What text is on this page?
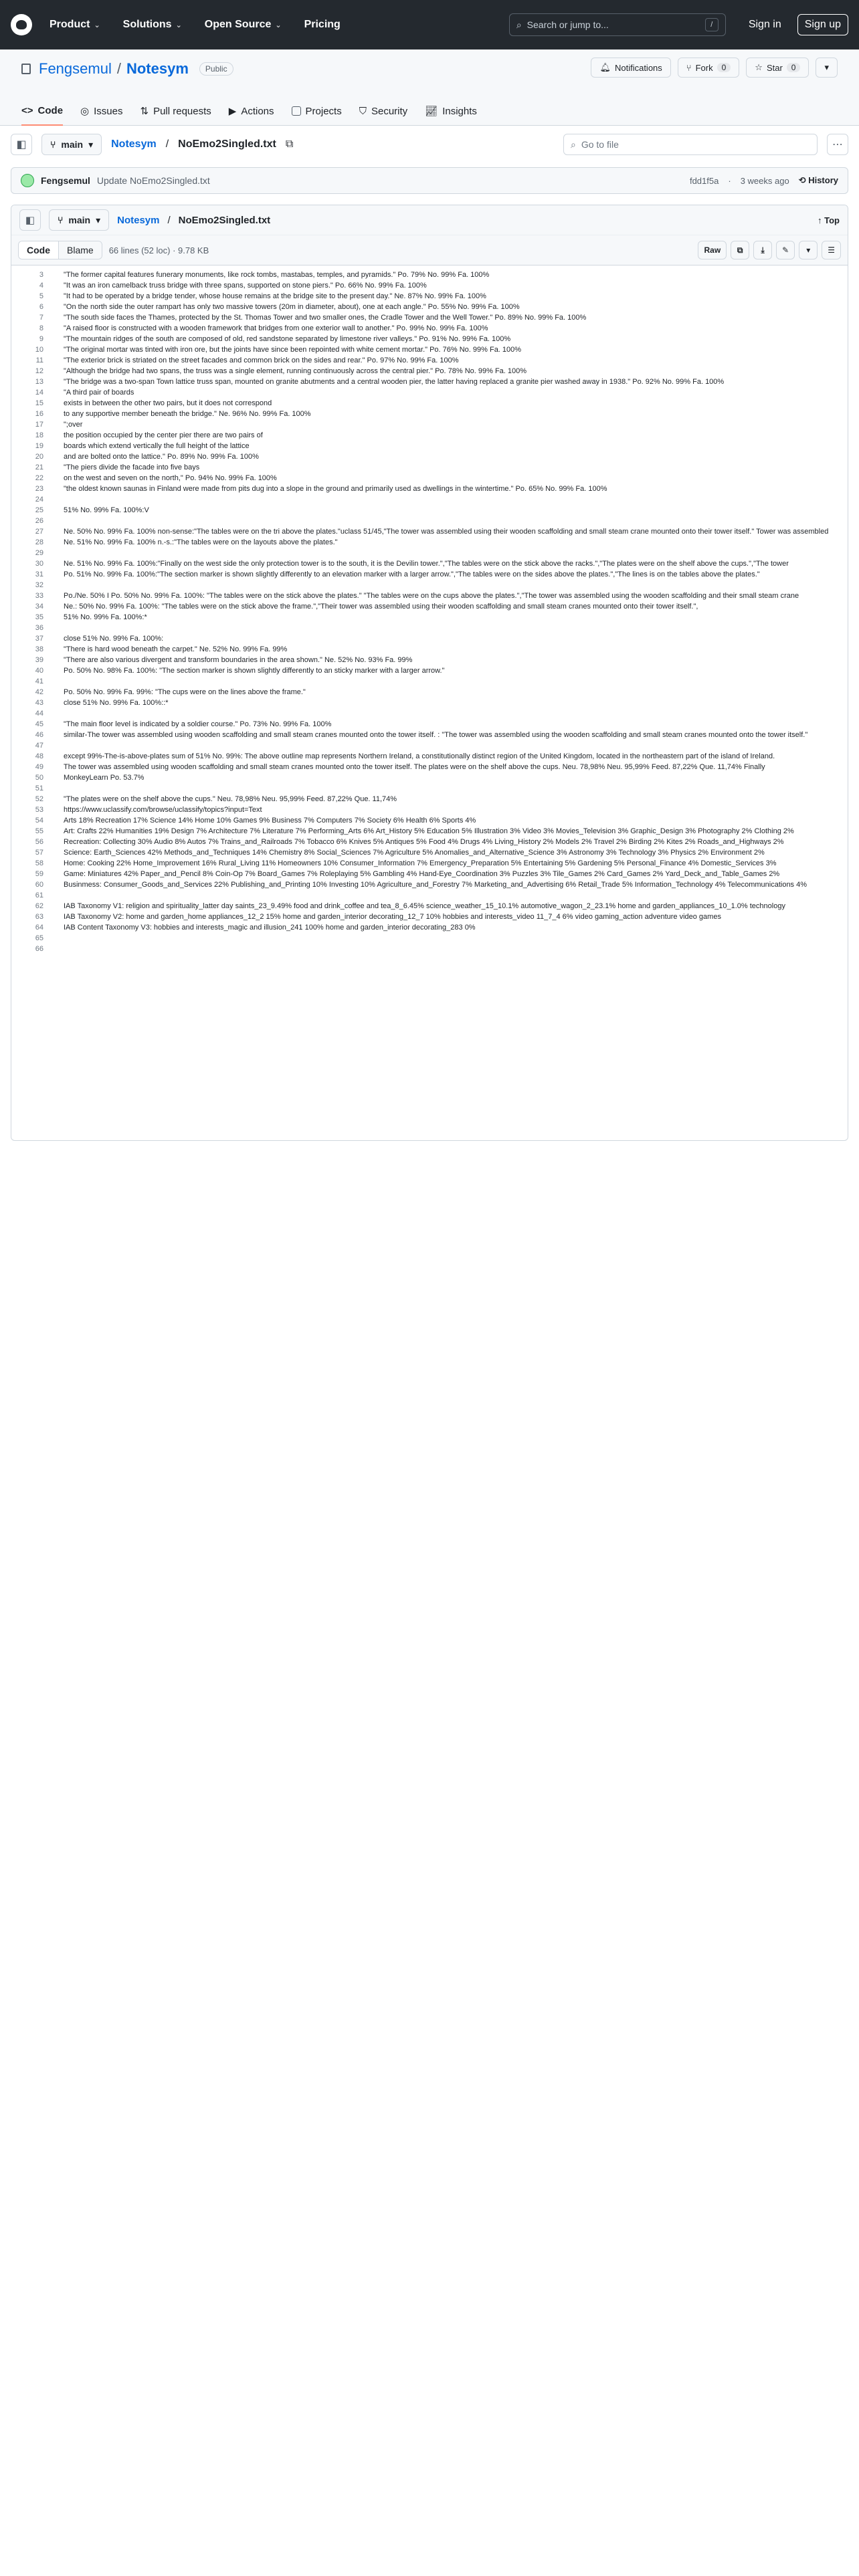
Product ⌄ Solutions ⌄ Open Source ⌄ Pricing	⌕ Search or jump to...	/	Sign in	Sign up
Fengsemul / Notesym	Public	🔔︎ Notifications	⑂ Fork	0	☆ Star	0	▾
<> Code ◎ Issues ⇅ Pull requests ▶︎ Actions	Projects ⛉ Security 📈︎ Insights
◧	⑂ main ▾ Notesym / NoEmo2Singled.txt ⧉	⌕ Go to file	⋯
Fengsemul Update NoEmo2Singled.txt	fdd1f5a · 3 weeks ago ⟲ History
◧ ⑂ main ▾ Notesym / NoEmo2Singled.txt	↑ Top
Code	Blame	66 lines (52 loc) · 9.78 KB	Raw	⧉ ⤓ ✎ ▾ ☰
3	"The former capital features funerary monuments, like rock tombs, mastabas, temples, and pyramids." Po. 79% No. 99% Fa. 100%
4	"It was an iron camelback truss bridge with three spans, supported on stone piers." Po. 66% No. 99% Fa. 100%
5	"It had to be operated by a bridge tender, whose house remains at the bridge site to the present day." Ne. 87% No. 99% Fa. 100%
6	"On the north side the outer rampart has only two massive towers (20m in diameter, about), one at each angle." Po. 55% No. 99% Fa. 100%
7	"The south side faces the Thames, protected by the St. Thomas Tower and two smaller ones, the Cradle Tower and the Well Tower." Po. 89% No. 99% Fa. 100%
8	"A raised floor is constructed with a wooden framework that bridges from one exterior wall to another." Po. 99% No. 99% Fa. 100%
9	"The mountain ridges of the south are composed of old, red sandstone separated by limestone river valleys." Po. 91% No. 99% Fa. 100%
10	"The original mortar was tinted with iron ore, but the joints have since been repointed with white cement mortar." Po. 76% No. 99% Fa. 100%
11	"The exterior brick is striated on the street facades and common brick on the sides and rear." Po. 97% No. 99% Fa. 100%
12	"Although the bridge had two spans, the truss was a single element, running continuously across the central pier." Po. 78% No. 99% Fa. 100%
13	"The bridge was a two-span Town lattice truss span, mounted on granite abutments and a central wooden pier, the latter having replaced a granite pier washed away in 1938." Po. 92% No. 99% Fa. 100%
14	"A third pair of boards
15	exists in between the other two pairs, but it does not correspond
16	to any supportive member beneath the bridge." Ne. 96% No. 99% Fa. 100%
17	";over
18	the position occupied by the center pier there are two pairs of
19	boards which extend vertically the full height of the lattice
20	and are bolted onto the lattice." Po. 89% No. 99% Fa. 100%
21	"The piers divide the facade into five bays
22	on the west and seven on the north," Po. 94% No. 99% Fa. 100%
23	"the oldest known saunas in Finland were made from pits dug into a slope in the ground and primarily used as dwellings in the wintertime." Po. 65% No. 99% Fa. 100%
24
25	51% No. 99% Fa. 100%:V
26
27	Ne. 50% No. 99% Fa. 100% non-sense:"The tables were on the tri above the plates."uclass 51/45,"The tower was assembled using their wooden scaffolding and small steam crane mounted onto their tower itself." Tower was assembled
28	Ne. 51% No. 99% Fa. 100% n.-s.:"The tables were on the layouts above the plates."
29
30	Ne. 51% No. 99% Fa. 100%:"Finally on the west side the only protection tower is to the south, it is the Devilin tower.","The tables were on the stick above the racks.","The plates were on the shelf above the cups.","The tower
31	Po. 51% No. 99% Fa. 100%:"The section marker is shown slightly differently to an elevation marker with a larger arrow.","The tables were on the sides above the plates.","The lines is on the tables above the plates."
32
33	Po./Ne. 50% I Po. 50% No. 99% Fa. 100%: "The tables were on the stick above the plates." "The tables were on the cups above the plates.","The tower was assembled using the wooden scaffolding and their small steam crane
34	Ne.: 50% No. 99% Fa. 100%: "The tables were on the stick above the frame.","Their tower was assembled using their wooden scaffolding and small steam cranes mounted onto their tower itself.",
35	51% No. 99% Fa. 100%:*
36
37	close 51% No. 99% Fa. 100%:
38	"There is hard wood beneath the carpet." Ne. 52% No. 99% Fa. 99%
39	"There are also various divergent and transform boundaries in the area shown." Ne. 52% No. 93% Fa. 99%
40	Po. 50% No. 98% Fa. 100%: "The section marker is shown slightly differently to an sticky marker with a larger arrow."
41
42	Po. 50% No. 99% Fa. 99%: "The cups were on the lines above the frame."
43	close 51% No. 99% Fa. 100%::*
44
45	"The main floor level is indicated by a soldier course." Po. 73% No. 99% Fa. 100%
46	similar-The tower was assembled using wooden scaffolding and small steam cranes mounted onto the tower itself. : "The tower was assembled using the wooden scaffolding and small steam cranes mounted onto the tower itself."
47
48	except 99%-The-is-above-plates sum of 51% No. 99%: The above outline map represents Northern Ireland, a constitutionally distinct region of the United Kingdom, located in the northeastern part of the island of Ireland.
49	The tower was assembled using wooden scaffolding and small steam cranes mounted onto the tower itself. The plates were on the shelf above the cups. Neu. 78,98% Neu. 95,99% Feed. 87,22% Que. 11,74% Finally
50	MonkeyLearn Po. 53.7%
51
52	"The plates were on the shelf above the cups." Neu. 78,98% Neu. 95,99% Feed. 87,22% Que. 11,74%
53	https://www.uclassify.com/browse/uclassify/topics?input=Text
54	Arts 18% Recreation 17% Science 14% Home 10% Games 9% Business 7% Computers 7% Society 6% Health 6% Sports 4%
55	Art: Crafts 22% Humanities 19% Design 7% Architecture 7% Literature 7% Performing_Arts 6% Art_History 5% Education 5% Illustration 3% Video 3% Movies_Television 3% Graphic_Design 3% Photography 2% Clothing 2%
56	Recreation: Collecting 30% Audio 8% Autos 7% Trains_and_Railroads 7% Tobacco 6% Knives 5% Antiques 5% Food 4% Drugs 4% Living_History 2% Models 2% Travel 2% Birding 2% Kites 2% Roads_and_Highways 2%
57	Science: Earth_Sciences 42% Methods_and_Techniques 14% Chemistry 8% Social_Sciences 7% Agriculture 5% Anomalies_and_Alternative_Science 3% Astronomy 3% Technology 3% Physics 2% Environment 2%
58	Home: Cooking 22% Home_Improvement 16% Rural_Living 11% Homeowners 10% Consumer_Information 7% Emergency_Preparation 5% Entertaining 5% Gardening 5% Personal_Finance 4% Domestic_Services 3%
59	Game: Miniatures 42% Paper_and_Pencil 8% Coin-Op 7% Board_Games 7% Roleplaying 5% Gambling 4% Hand-Eye_Coordination 3% Puzzles 3% Tile_Games 2% Card_Games 2% Yard_Deck_and_Table_Games 2%
60	Businmess: Consumer_Goods_and_Services 22% Publishing_and_Printing 10% Investing 10% Agriculture_and_Forestry 7% Marketing_and_Advertising 6% Retail_Trade 5% Information_Technology 4% Telecommunications 4%
61
62	IAB Taxonomy V1: religion and spirituality_latter day saints_23_9.49% food and drink_coffee and tea_8_6.45% science_weather_15_10.1% automotive_wagon_2_23.1% home and garden_appliances_10_1.0% technology
63	IAB Taxonomy V2: home and garden_home appliances_12_2 15% home and garden_interior decorating_12_7 10% hobbies and interests_video 11_7_4 6% video gaming_action adventure video games
64	IAB Content Taxonomy V3: hobbies and interests_magic and illusion_241 100% home and garden_interior decorating_283 0%
65
66
